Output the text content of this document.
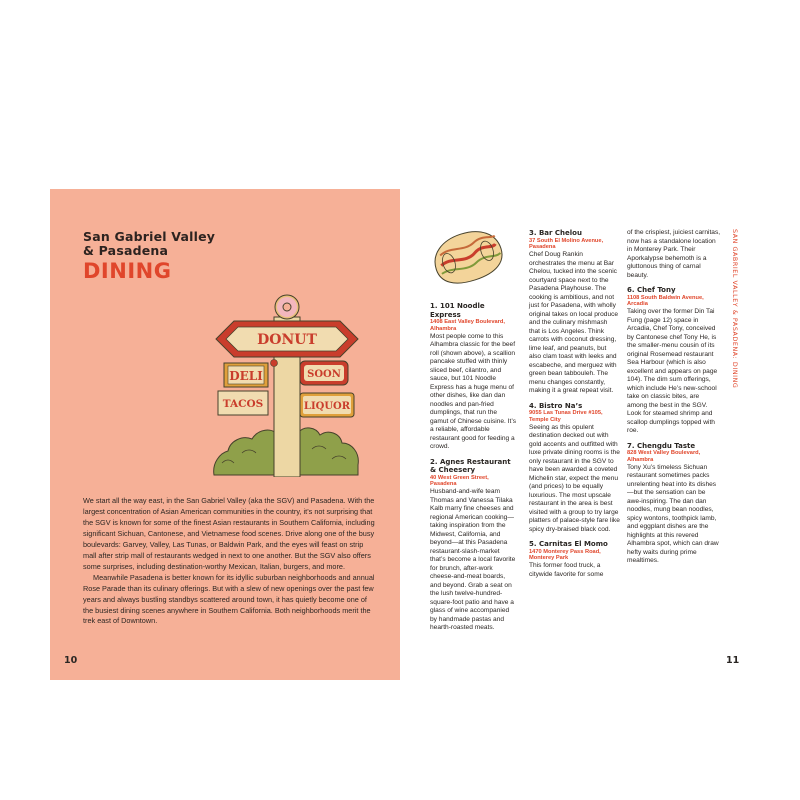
San Gabriel Valley
& Pasadena
DINING
DONUT
DELI	SOON
TACOS	LIQUOR

We start all the way east, in the San Gabriel Valley (aka the SGV) and Pasadena. With the largest concentration of Asian American communities in the country, it’s not surprising that the SGV is known for some of the finest Asian restaurants in Southern California, including significant Sichuan, Cantonese, and Vietnamese food scenes. Drive along one of the busy boulevards: Garvey, Valley, Las Tunas, or Baldwin Park, and the eyes will feast on strip mall after strip mall of restaurants wedged in next to one another. But the SGV also offers some surprises, including destination-worthy Mexican, Italian, burgers, and more.

Meanwhile Pasadena is better known for its idyllic suburban neighborhoods and annual Rose Parade than its culinary offerings. But with a slew of new openings over the past few years and always bustling standbys scattered around town, it has quietly become one of the busiest dining scenes anywhere in Southern California. Both neighborhoods merit the trek east of Downtown.

10
1. 101 Noodle Express
1408 East Valley Boulevard, Alhambra

Most people come to this Alhambra classic for the beef roll (shown above), a scallion pancake stuffed with thinly sliced beef, cilantro, and sauce, but 101 Noodle Express has a huge menu of other dishes, like dan dan noodles and pan-fried dumplings, that run the gamut of Chinese cuisine. It’s a reliable, affordable restaurant good for feeding a crowd.

2. Agnes Restaurant & Cheesery
40 West Green Street, Pasadena

Husband-and-wife team Thomas and Vanessa Tilaka Kalb marry fine cheeses and regional American cooking—taking inspiration from the Midwest, California, and beyond—at this Pasadena restaurant-slash-market that’s become a local favorite for brunch, after-work cheese-and-meat boards, and beyond. Grab a seat on the lush twelve-hundred-square-foot patio and have a glass of wine accompanied by handmade pastas and hearth-roasted meats.

3. Bar Chelou
37 South El Molino Avenue, Pasadena

Chef Doug Rankin orchestrates the menu at Bar Chelou, tucked into the scenic courtyard space next to the Pasadena Playhouse. The cooking is ambitious, and not just for Pasadena, with wholly original takes on local produce and the culinary mishmash that is Los Angeles. Think carrots with coconut dressing, lime leaf, and peanuts, but also clam toast with leeks and escabeche, and merguez with green bean tabbouleh. The menu changes constantly, making it a great repeat visit.

4. Bistro Na’s
9055 Las Tunas Drive #105, Temple City

Seeing as this opulent destination decked out with gold accents and outfitted with luxe private dining rooms is the only restaurant in the SGV to have been awarded a coveted Michelin star, expect the menu (and prices) to be equally luxurious. The most upscale restaurant in the area is best visited with a group to try large platters of palace-style fare like spicy dry-braised black cod.

5. Carnitas El Momo
1470 Monterey Pass Road, Monterey Park

This former food truck, a citywide favorite for some

of the crispiest, juiciest carnitas, now has a standalone location in Monterey Park. Their Aporkalypse behemoth is a gluttonous thing of carnal beauty.

6. Chef Tony
1108 South Baldwin Avenue, Arcadia

Taking over the former Din Tai Fung (page 12) space in Arcadia, Chef Tony, conceived by Cantonese chef Tony He, is the smaller-menu cousin of its original Rosemead restaurant Sea Harbour (which is also excellent and appears on page 104). The dim sum offerings, which include He’s new-school take on classic bites, are among the best in the SGV. Look for steamed shrimp and scallop dumplings topped with roe.

7. Chengdu Taste
828 West Valley Boulevard, Alhambra

Tony Xu’s timeless Sichuan restaurant sometimes packs unrelenting heat into its dishes—but the sensation can be awe-inspiring. The dan dan noodles, mung bean noodles, spicy wontons, toothpick lamb, and eggplant dishes are the highlights at this revered Alhambra spot, which can draw hefty waits during prime mealtimes.

SAN GABRIEL VALLEY & PASADENA: DINING
11
